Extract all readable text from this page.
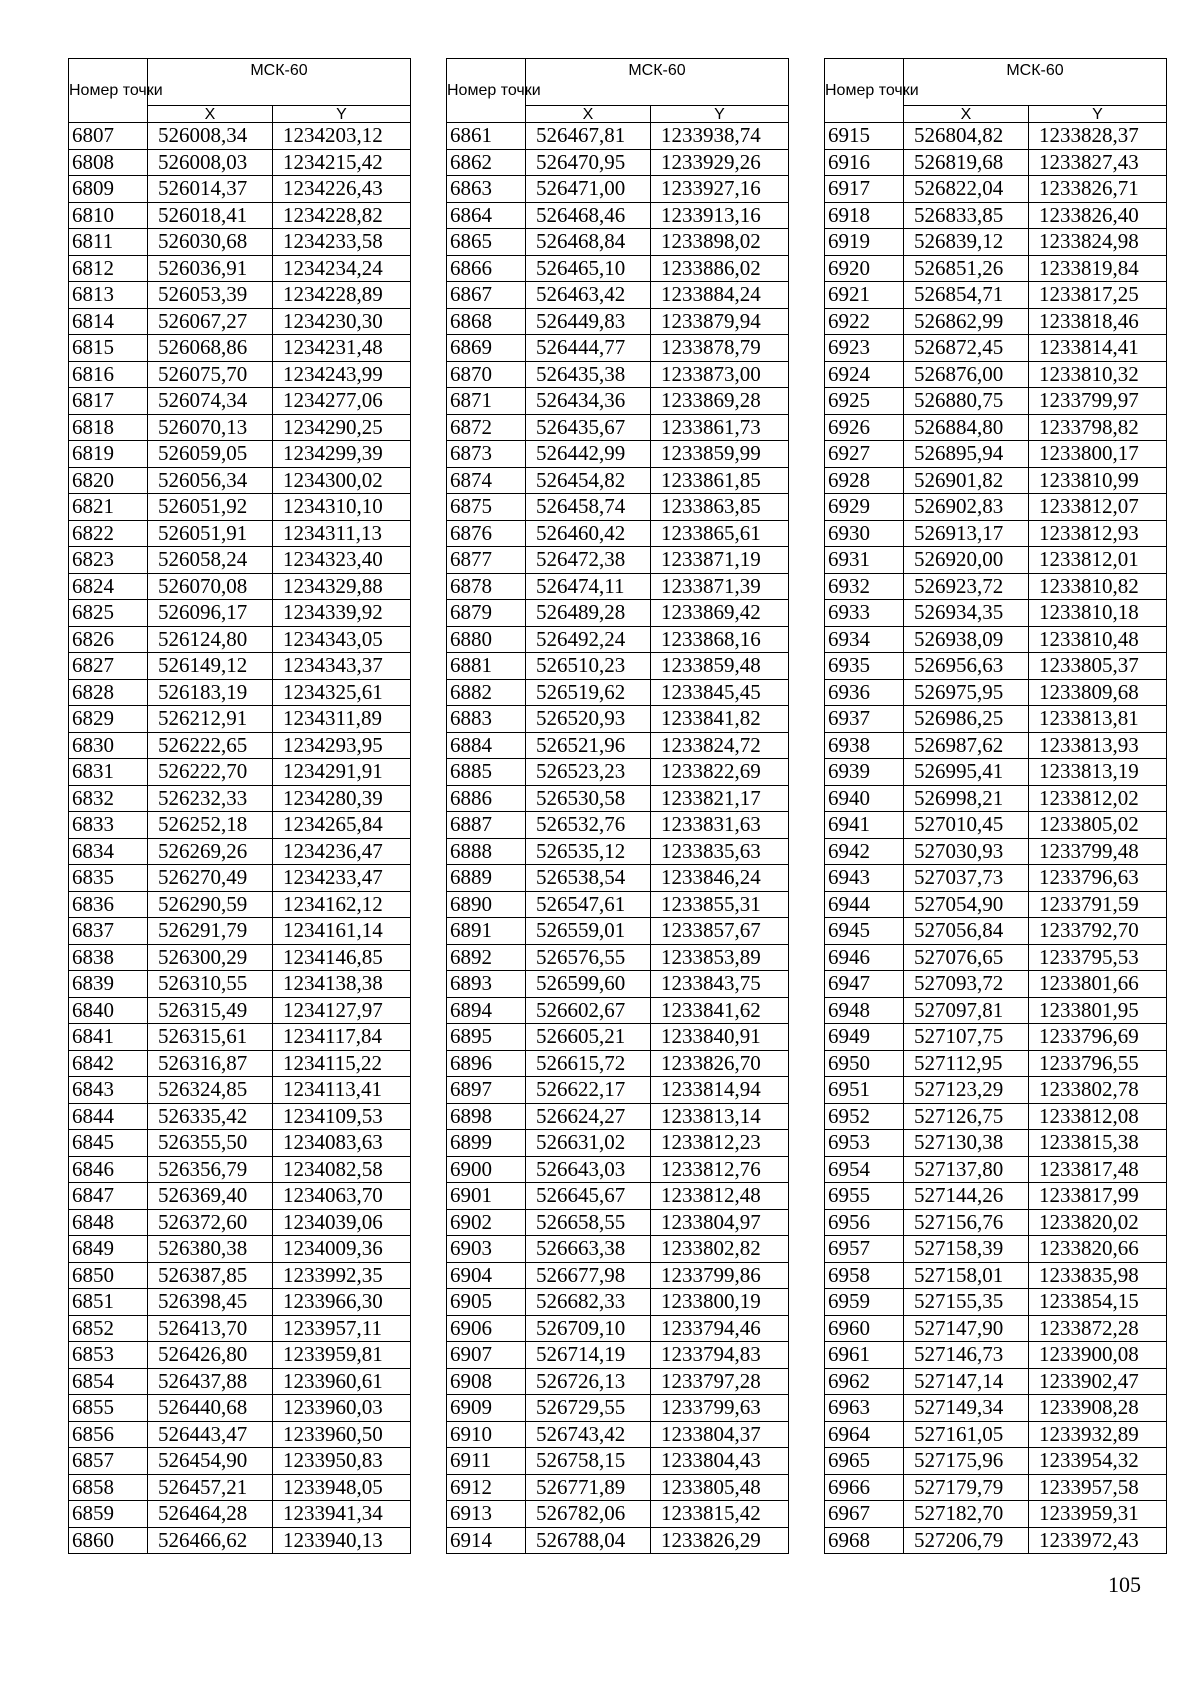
Номер точки	МСК-60	
	X	Y
6807	526008,34	1234203,12
6808	526008,03	1234215,42
6809	526014,37	1234226,43
6810	526018,41	1234228,82
6811	526030,68	1234233,58
6812	526036,91	1234234,24
6813	526053,39	1234228,89
6814	526067,27	1234230,30
6815	526068,86	1234231,48
6816	526075,70	1234243,99
6817	526074,34	1234277,06
6818	526070,13	1234290,25
6819	526059,05	1234299,39
6820	526056,34	1234300,02
6821	526051,92	1234310,10
6822	526051,91	1234311,13
6823	526058,24	1234323,40
6824	526070,08	1234329,88
6825	526096,17	1234339,92
6826	526124,80	1234343,05
6827	526149,12	1234343,37
6828	526183,19	1234325,61
6829	526212,91	1234311,89
6830	526222,65	1234293,95
6831	526222,70	1234291,91
6832	526232,33	1234280,39
6833	526252,18	1234265,84
6834	526269,26	1234236,47
6835	526270,49	1234233,47
6836	526290,59	1234162,12
6837	526291,79	1234161,14
6838	526300,29	1234146,85
6839	526310,55	1234138,38
6840	526315,49	1234127,97
6841	526315,61	1234117,84
6842	526316,87	1234115,22
6843	526324,85	1234113,41
6844	526335,42	1234109,53
6845	526355,50	1234083,63
6846	526356,79	1234082,58
6847	526369,40	1234063,70
6848	526372,60	1234039,06
6849	526380,38	1234009,36
6850	526387,85	1233992,35
6851	526398,45	1233966,30
6852	526413,70	1233957,11
6853	526426,80	1233959,81
6854	526437,88	1233960,61
6855	526440,68	1233960,03
6856	526443,47	1233960,50
6857	526454,90	1233950,83
6858	526457,21	1233948,05
6859	526464,28	1233941,34
6860	526466,62	1233940,13
Номер точки	МСК-60	
	X	Y
6861	526467,81	1233938,74
6862	526470,95	1233929,26
6863	526471,00	1233927,16
6864	526468,46	1233913,16
6865	526468,84	1233898,02
6866	526465,10	1233886,02
6867	526463,42	1233884,24
6868	526449,83	1233879,94
6869	526444,77	1233878,79
6870	526435,38	1233873,00
6871	526434,36	1233869,28
6872	526435,67	1233861,73
6873	526442,99	1233859,99
6874	526454,82	1233861,85
6875	526458,74	1233863,85
6876	526460,42	1233865,61
6877	526472,38	1233871,19
6878	526474,11	1233871,39
6879	526489,28	1233869,42
6880	526492,24	1233868,16
6881	526510,23	1233859,48
6882	526519,62	1233845,45
6883	526520,93	1233841,82
6884	526521,96	1233824,72
6885	526523,23	1233822,69
6886	526530,58	1233821,17
6887	526532,76	1233831,63
6888	526535,12	1233835,63
6889	526538,54	1233846,24
6890	526547,61	1233855,31
6891	526559,01	1233857,67
6892	526576,55	1233853,89
6893	526599,60	1233843,75
6894	526602,67	1233841,62
6895	526605,21	1233840,91
6896	526615,72	1233826,70
6897	526622,17	1233814,94
6898	526624,27	1233813,14
6899	526631,02	1233812,23
6900	526643,03	1233812,76
6901	526645,67	1233812,48
6902	526658,55	1233804,97
6903	526663,38	1233802,82
6904	526677,98	1233799,86
6905	526682,33	1233800,19
6906	526709,10	1233794,46
6907	526714,19	1233794,83
6908	526726,13	1233797,28
6909	526729,55	1233799,63
6910	526743,42	1233804,37
6911	526758,15	1233804,43
6912	526771,89	1233805,48
6913	526782,06	1233815,42
6914	526788,04	1233826,29
Номер точки	МСК-60	
	X	Y
6915	526804,82	1233828,37
6916	526819,68	1233827,43
6917	526822,04	1233826,71
6918	526833,85	1233826,40
6919	526839,12	1233824,98
6920	526851,26	1233819,84
6921	526854,71	1233817,25
6922	526862,99	1233818,46
6923	526872,45	1233814,41
6924	526876,00	1233810,32
6925	526880,75	1233799,97
6926	526884,80	1233798,82
6927	526895,94	1233800,17
6928	526901,82	1233810,99
6929	526902,83	1233812,07
6930	526913,17	1233812,93
6931	526920,00	1233812,01
6932	526923,72	1233810,82
6933	526934,35	1233810,18
6934	526938,09	1233810,48
6935	526956,63	1233805,37
6936	526975,95	1233809,68
6937	526986,25	1233813,81
6938	526987,62	1233813,93
6939	526995,41	1233813,19
6940	526998,21	1233812,02
6941	527010,45	1233805,02
6942	527030,93	1233799,48
6943	527037,73	1233796,63
6944	527054,90	1233791,59
6945	527056,84	1233792,70
6946	527076,65	1233795,53
6947	527093,72	1233801,66
6948	527097,81	1233801,95
6949	527107,75	1233796,69
6950	527112,95	1233796,55
6951	527123,29	1233802,78
6952	527126,75	1233812,08
6953	527130,38	1233815,38
6954	527137,80	1233817,48
6955	527144,26	1233817,99
6956	527156,76	1233820,02
6957	527158,39	1233820,66
6958	527158,01	1233835,98
6959	527155,35	1233854,15
6960	527147,90	1233872,28
6961	527146,73	1233900,08
6962	527147,14	1233902,47
6963	527149,34	1233908,28
6964	527161,05	1233932,89
6965	527175,96	1233954,32
6966	527179,79	1233957,58
6967	527182,70	1233959,31
6968	527206,79	1233972,43
105
